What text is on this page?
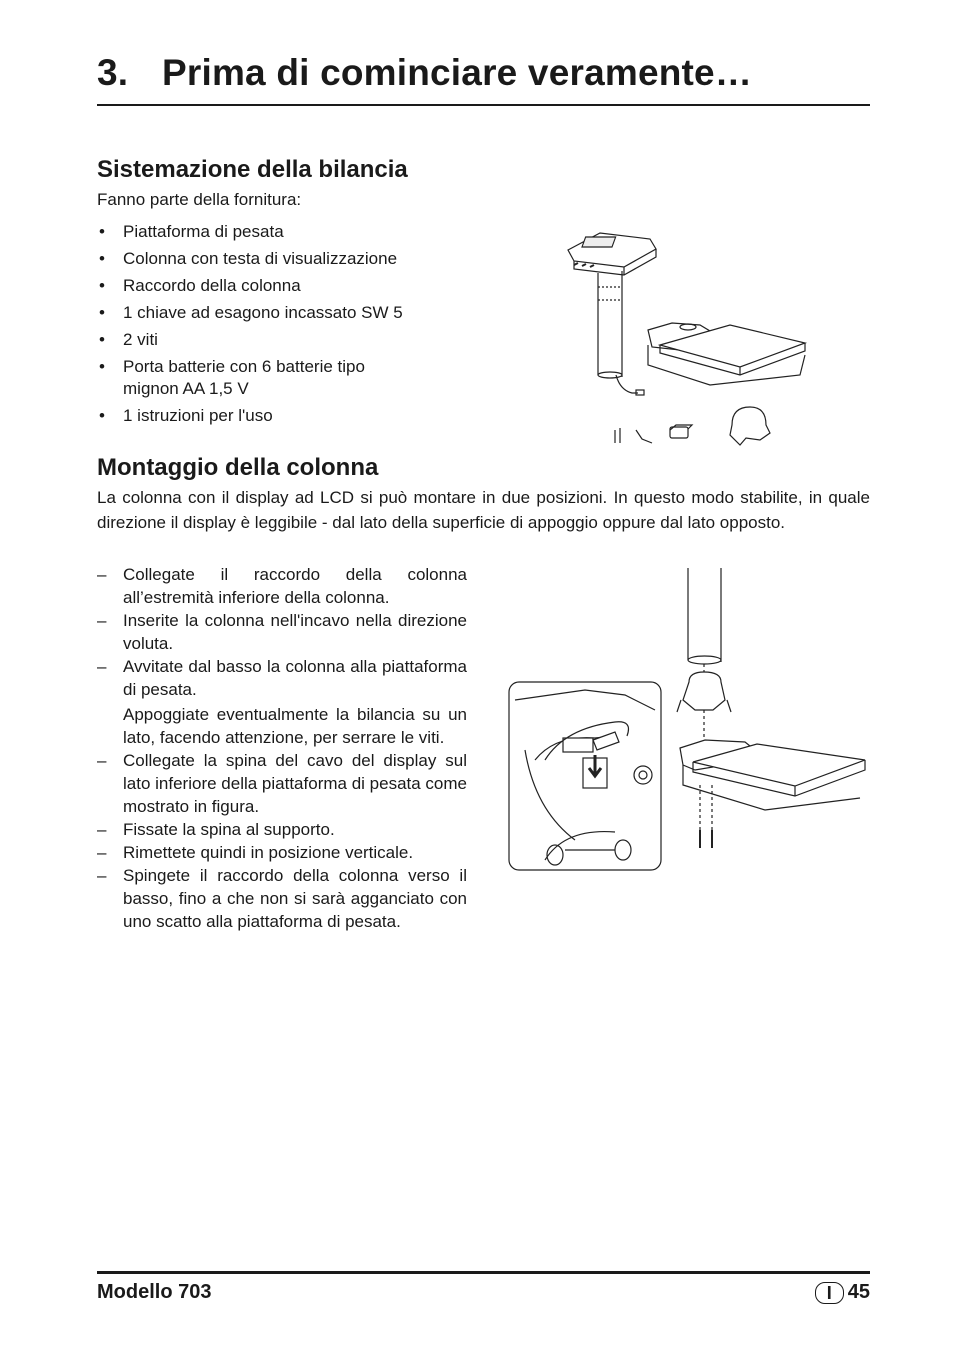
3. Prima di cominciare veramente…
Sistemazione della bilancia
Fanno parte della fornitura:
• Piattaforma di pesata
• Colonna con testa di visualizzazione
• Raccordo della colonna
• 1 chiave ad esagono incassato SW 5
• 2 viti
• Porta batterie con 6 batterie tipo mignon AA 1,5 V
• 1 istruzioni per l'uso
Montaggio della colonna
La colonna con il display ad LCD si può montare in due posizioni. In questo modo stabilite, in quale direzione il display è leggibile - dal lato della superficie di appoggio oppure dal lato opposto.
– Collegate il raccordo della colonna all’estremità inferiore della colonna.
– Inserite la colonna nell'incavo nella direzione voluta.
– Avvitate dal basso la colonna alla piattaforma di pesata.
Appoggiate eventualmente la bilancia su un lato, facendo attenzione, per serrare le viti.
– Collegate la spina del cavo del display sul lato inferiore della piattaforma di pesata come mostrato in figura.
– Fissate la spina al supporto.
– Rimettete quindi in posizione verticale.
– Spingete il raccordo della colonna verso il basso, fino a che non si sarà agganciato con uno scatto alla piattaforma di pesata.
Modello 703	I 45
